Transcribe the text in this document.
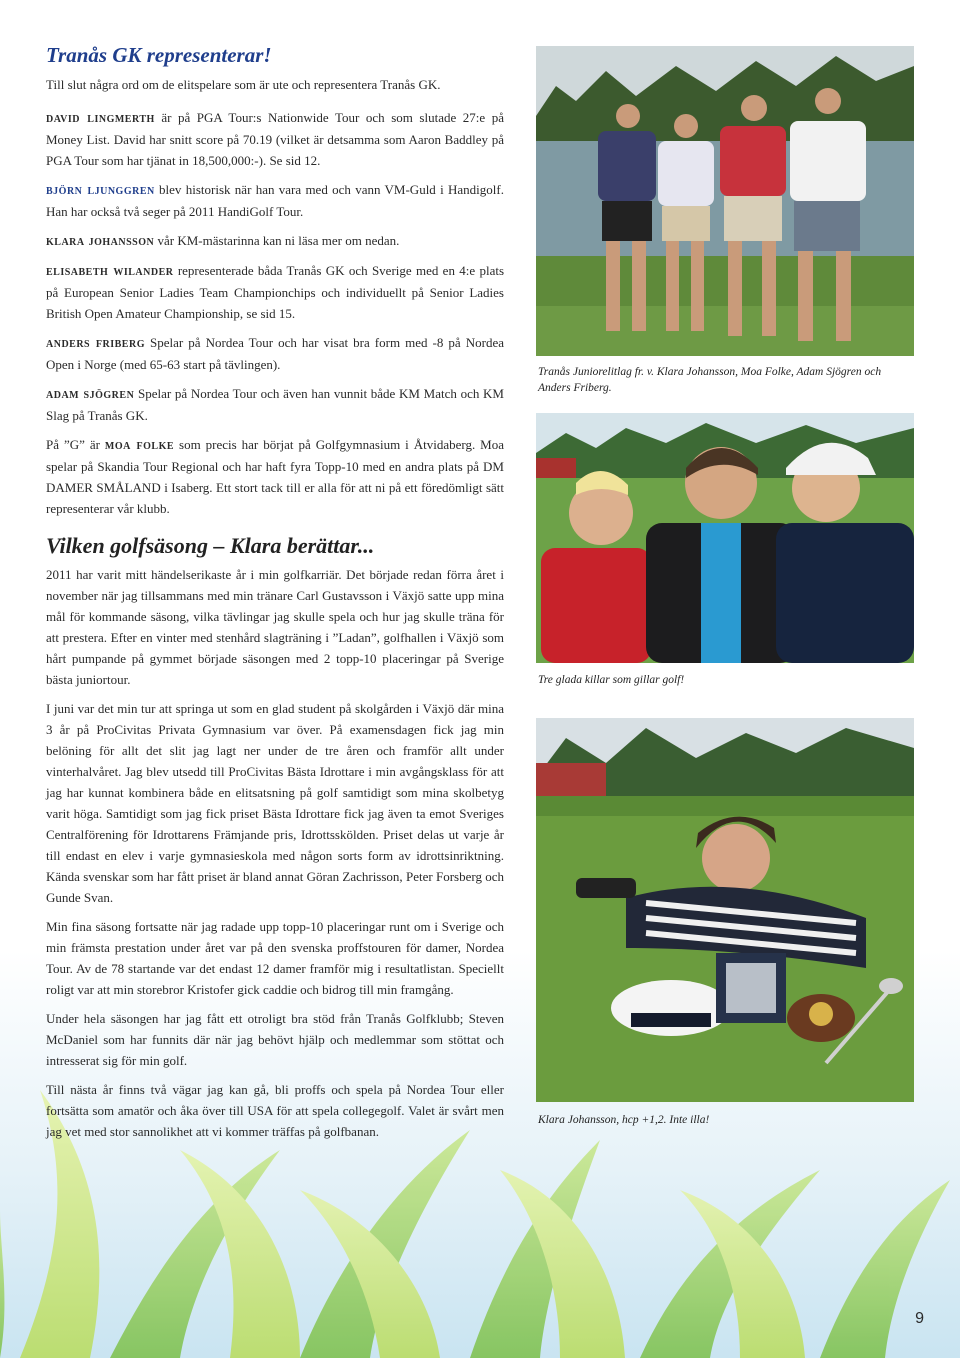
Tranås GK representerar!

Till slut några ord om de elitspelare som är ute och representera Tranås GK.

david lingmerth är på PGA Tour:s Nationwide Tour och som slutade 27:e på Money List. David har snitt score på 70.19 (vilket är detsamma som Aaron Baddley på PGA Tour som har tjänat in 18,500,000:-). Se sid 12.

björn ljunggren blev historisk när han vara med och vann VM-Guld i Handigolf. Han har också två seger på 2011 HandiGolf Tour.

klara johansson vår KM-mästarinna kan ni läsa mer om nedan.

elisabeth wilander representerade båda Tranås GK och Sverige med en 4:e plats på European Senior Ladies Team Championchips och individuellt på Senior Ladies British Open Amateur Championship, se sid 15.

anders friberg Spelar på Nordea Tour och har visat bra form med -8 på Nordea Open i Norge (med 65-63 start på tävlingen).

adam sjögren Spelar på Nordea Tour och även han vunnit både KM Match och KM Slag på Tranås GK.

På ”G” är moa folke som precis har börjat på Golfgymnasium i Åtvidaberg. Moa spelar på Skandia Tour Regional och har haft fyra Topp-10 med en andra plats på DM DAMER SMÅLAND i Isaberg. Ett stort tack till er alla för att ni på ett föredömligt sätt representerar vår klubb.

Vilken golfsäsong – Klara berättar...

2011 har varit mitt händelserikaste år i min golfkarriär. Det började redan förra året i november när jag tillsammans med min tränare Carl Gustavsson i Växjö satte upp mina mål för kommande säsong, vilka tävlingar jag skulle spela och hur jag skulle träna för att prestera. Efter en vinter med stenhård slagträning i ”Ladan”, golfhallen i Växjö som hårt pumpande på gymmet började säsongen med 2 topp-10 placeringar på Sverige bästa juniortour.

I juni var det min tur att springa ut som en glad student på skolgården i Växjö där mina 3 år på ProCivitas Privata Gymnasium var över. På examensdagen fick jag min belöning för allt det slit jag lagt ner under de tre åren och framför allt under vinterhalvåret. Jag blev utsedd till ProCivitas Bästa Idrottare i min avgångsklass för att jag har kunnat kombinera både en elitsatsning på golf samtidigt som mina skolbetyg varit höga. Samtidigt som jag fick priset Bästa Idrottare fick jag även ta emot Sveriges Centralförening för Idrottarens Främjande pris, Idrottsskölden. Priset delas ut varje år till endast en elev i varje gymnasieskola med någon sorts form av idrottsinriktning. Kända svenskar som har fått priset är bland annat Göran Zachrisson, Peter Forsberg och Gunde Svan.

Min fina säsong fortsatte när jag radade upp topp-10 placeringar runt om i Sverige och min främsta prestation under året var på den svenska proffstouren för damer, Nordea Tour. Av de 78 startande var det endast 12 damer framför mig i resultatlistan. Speciellt roligt var att min storebror Kristofer gick caddie och bidrog till min framgång.

Under hela säsongen har jag fått ett otroligt bra stöd från Tranås Golfklubb; Steven McDaniel som har funnits där när jag behövt hjälp och medlemmar som stöttat och intresserat sig för min golf.

Till nästa år finns två vägar jag kan gå, bli proffs och spela på Nordea Tour eller fortsätta som amatör och åka över till USA för att spela collegegolf. Valet är svårt men jag vet med stor sannolikhet att vi kommer träffas på golfbanan.

Tranås Juniorelitlag fr. v. Klara Johansson, Moa Folke, Adam Sjögren och Anders Friberg.
Tre glada killar som gillar golf!
Klara Johansson, hcp +1,2. Inte illa!
9
